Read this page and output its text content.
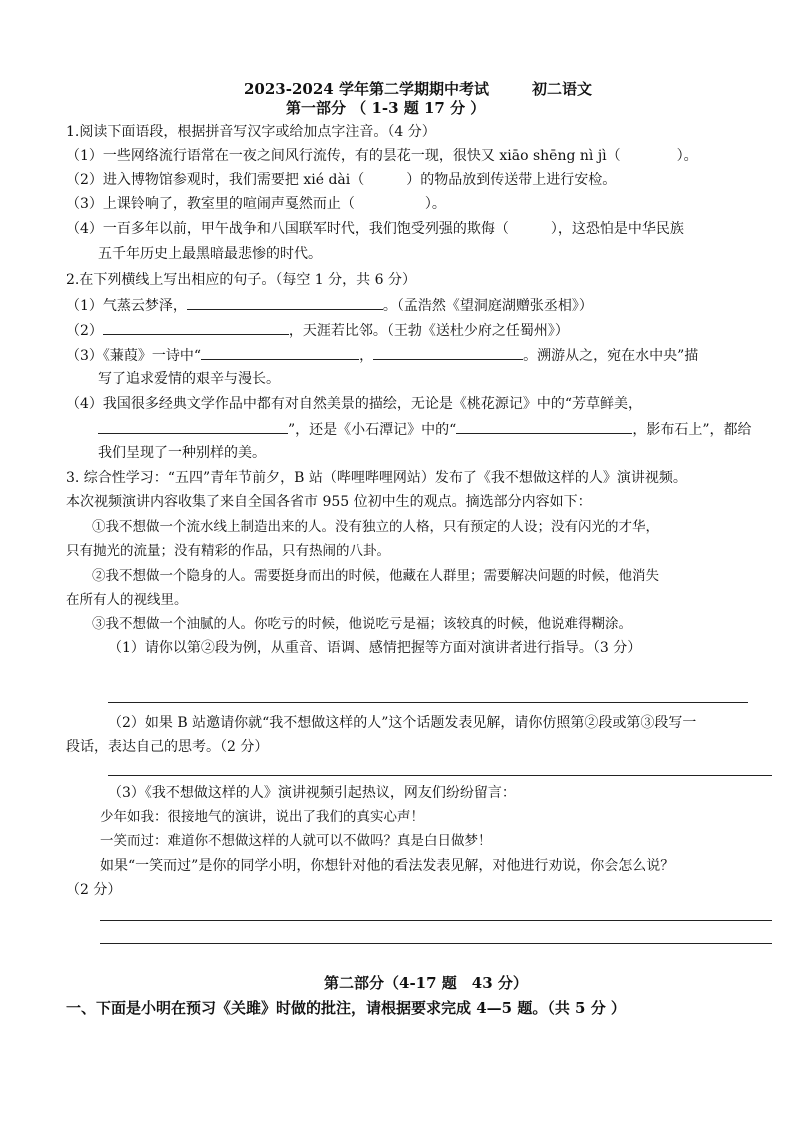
2023-2024 学年第二学期期中考试	初二语文
第一部分 （ 1-3 题 17 分 ）
1.阅读下面语段，根据拼音写汉字或给加点字注音。（4 分）
（1）一些网络流行语常在一夜之间风行流传，有的昙花一现，很快又 xiāo shēng nì jì（　　　　）。
（2）进入博物馆参观时，我们需要把 xié dài（　　　）的物品放到传送带上进行安检。
（3）上课铃响了，教室里的喧闹声戛然而止（　　　　　）。
（4）一百多年以前，甲午战争和八国联军时代，我们饱受列强的欺侮（　　　），这恐怕是中华民族
五千年历史上最黑暗最悲惨的时代。
2.在下列横线上写出相应的句子。（每空 1 分，共 6 分）
（1）气蒸云梦泽，	。（孟浩然《望洞庭湖赠张丞相》）
（2）	，天涯若比邻。（王勃《送杜少府之任蜀州》）
（3）《蒹葭》一诗中“	，	。溯游从之，宛在水中央”描
写了追求爱情的艰辛与漫长。
（4）我国很多经典文学作品中都有对自然美景的描绘，无论是《桃花源记》中的“芳草鲜美，
”，还是《小石潭记》中的“	，影布石上”，都给
我们呈现了一种别样的美。
3. 综合性学习：“五四”青年节前夕，B 站（哔哩哔哩网站）发布了《我不想做这样的人》演讲视频。
本次视频演讲内容收集了来自全国各省市 955 位初中生的观点。摘选部分内容如下：
①我不想做一个流水线上制造出来的人。没有独立的人格，只有预定的人设；没有闪光的才华，
只有抛光的流量；没有精彩的作品，只有热闹的八卦。
②我不想做一个隐身的人。需要挺身而出的时候，他藏在人群里；需要解决问题的时候，他消失
在所有人的视线里。
③我不想做一个油腻的人。你吃亏的时候，他说吃亏是福；该较真的时候，他说难得糊涂。
（1）请你以第②段为例，从重音、语调、感情把握等方面对演讲者进行指导。（3 分）
（2）如果 B 站邀请你就“我不想做这样的人”这个话题发表见解，请你仿照第②段或第③段写一
段话，表达自己的思考。（2 分）
（3）《我不想做这样的人》演讲视频引起热议，网友们纷纷留言：
少年如我：很接地气的演讲，说出了我们的真实心声！
一笑而过：难道你不想做这样的人就可以不做吗？真是白日做梦！
如果“一笑而过”是你的同学小明，你想针对他的看法发表见解，对他进行劝说，你会怎么说？
（2 分）
第二部分（4-17 题　43 分）
一、下面是小明在预习《关雎》时做的批注，请根据要求完成 4—5 题。（共 5 分 ）
